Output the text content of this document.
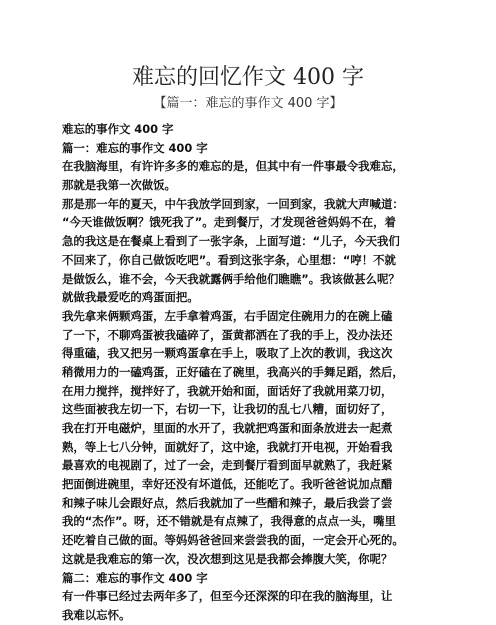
难忘的回忆作文 400 字
【篇一：难忘的事作文 400 字】
难忘的事作文 400 字
篇一：难忘的事作文 400 字
在我脑海里，有许许多多的难忘的是，但其中有一件事最令我难忘，
那就是我第一次做饭。
那是那一年的夏天，中午我放学回到家，一回到家，我就大声喊道：
“今天谁做饭啊？饿死我了”。走到餐厅，才发现爸爸妈妈不在，着
急的我这是在餐桌上看到了一张字条，上面写道：“儿子，今天我们
不回来了，你自己做饭吃吧”。看到这张字条，心里想：“哼！不就
是做饭么，谁不会，今天我就露俩手给他们瞧瞧”。我该做甚么呢？
就做我最爱吃的鸡蛋面把。
我先拿来俩颗鸡蛋，左手拿着鸡蛋，右手固定住碗用力的在碗上磕
了一下，不聊鸡蛋被我磕碎了，蛋黄都洒在了我的手上，没办法还
得重磕，我又把另一颗鸡蛋拿在手上，吸取了上次的教训，我这次
稍微用力的一磕鸡蛋，正好磕在了碗里，我高兴的手舞足蹈，然后，
在用力搅拌，搅拌好了，我就开始和面，面话好了我就用菜刀切，
这些面被我左切一下，右切一下，让我切的乱七八糟，面切好了，
我在打开电磁炉，里面的水开了，我就把鸡蛋和面条放进去一起煮
熟，等上七八分钟，面就好了，这中途，我就打开电视，开始看我
最喜欢的电视剧了，过了一会，走到餐厅看到面早就熟了，我赶紧
把面倒进碗里，幸好还没有坏道低，还能吃了。我听爸爸说加点醋
和辣子味儿会跟好点，然后我就加了一些醋和辣子，最后我尝了尝
我的“杰作”。呀，还不错就是有点辣了，我得意的点点一头，嘴里
还吃着自己做的面。等妈妈爸爸回来尝尝我的面，一定会开心死的。
这就是我难忘的第一次，没次想到这见是我都会捧腹大笑，你呢？
篇二：难忘的事作文 400 字
有一件事已经过去两年多了，但至今还深深的印在我的脑海里，让
我难以忘怀。
